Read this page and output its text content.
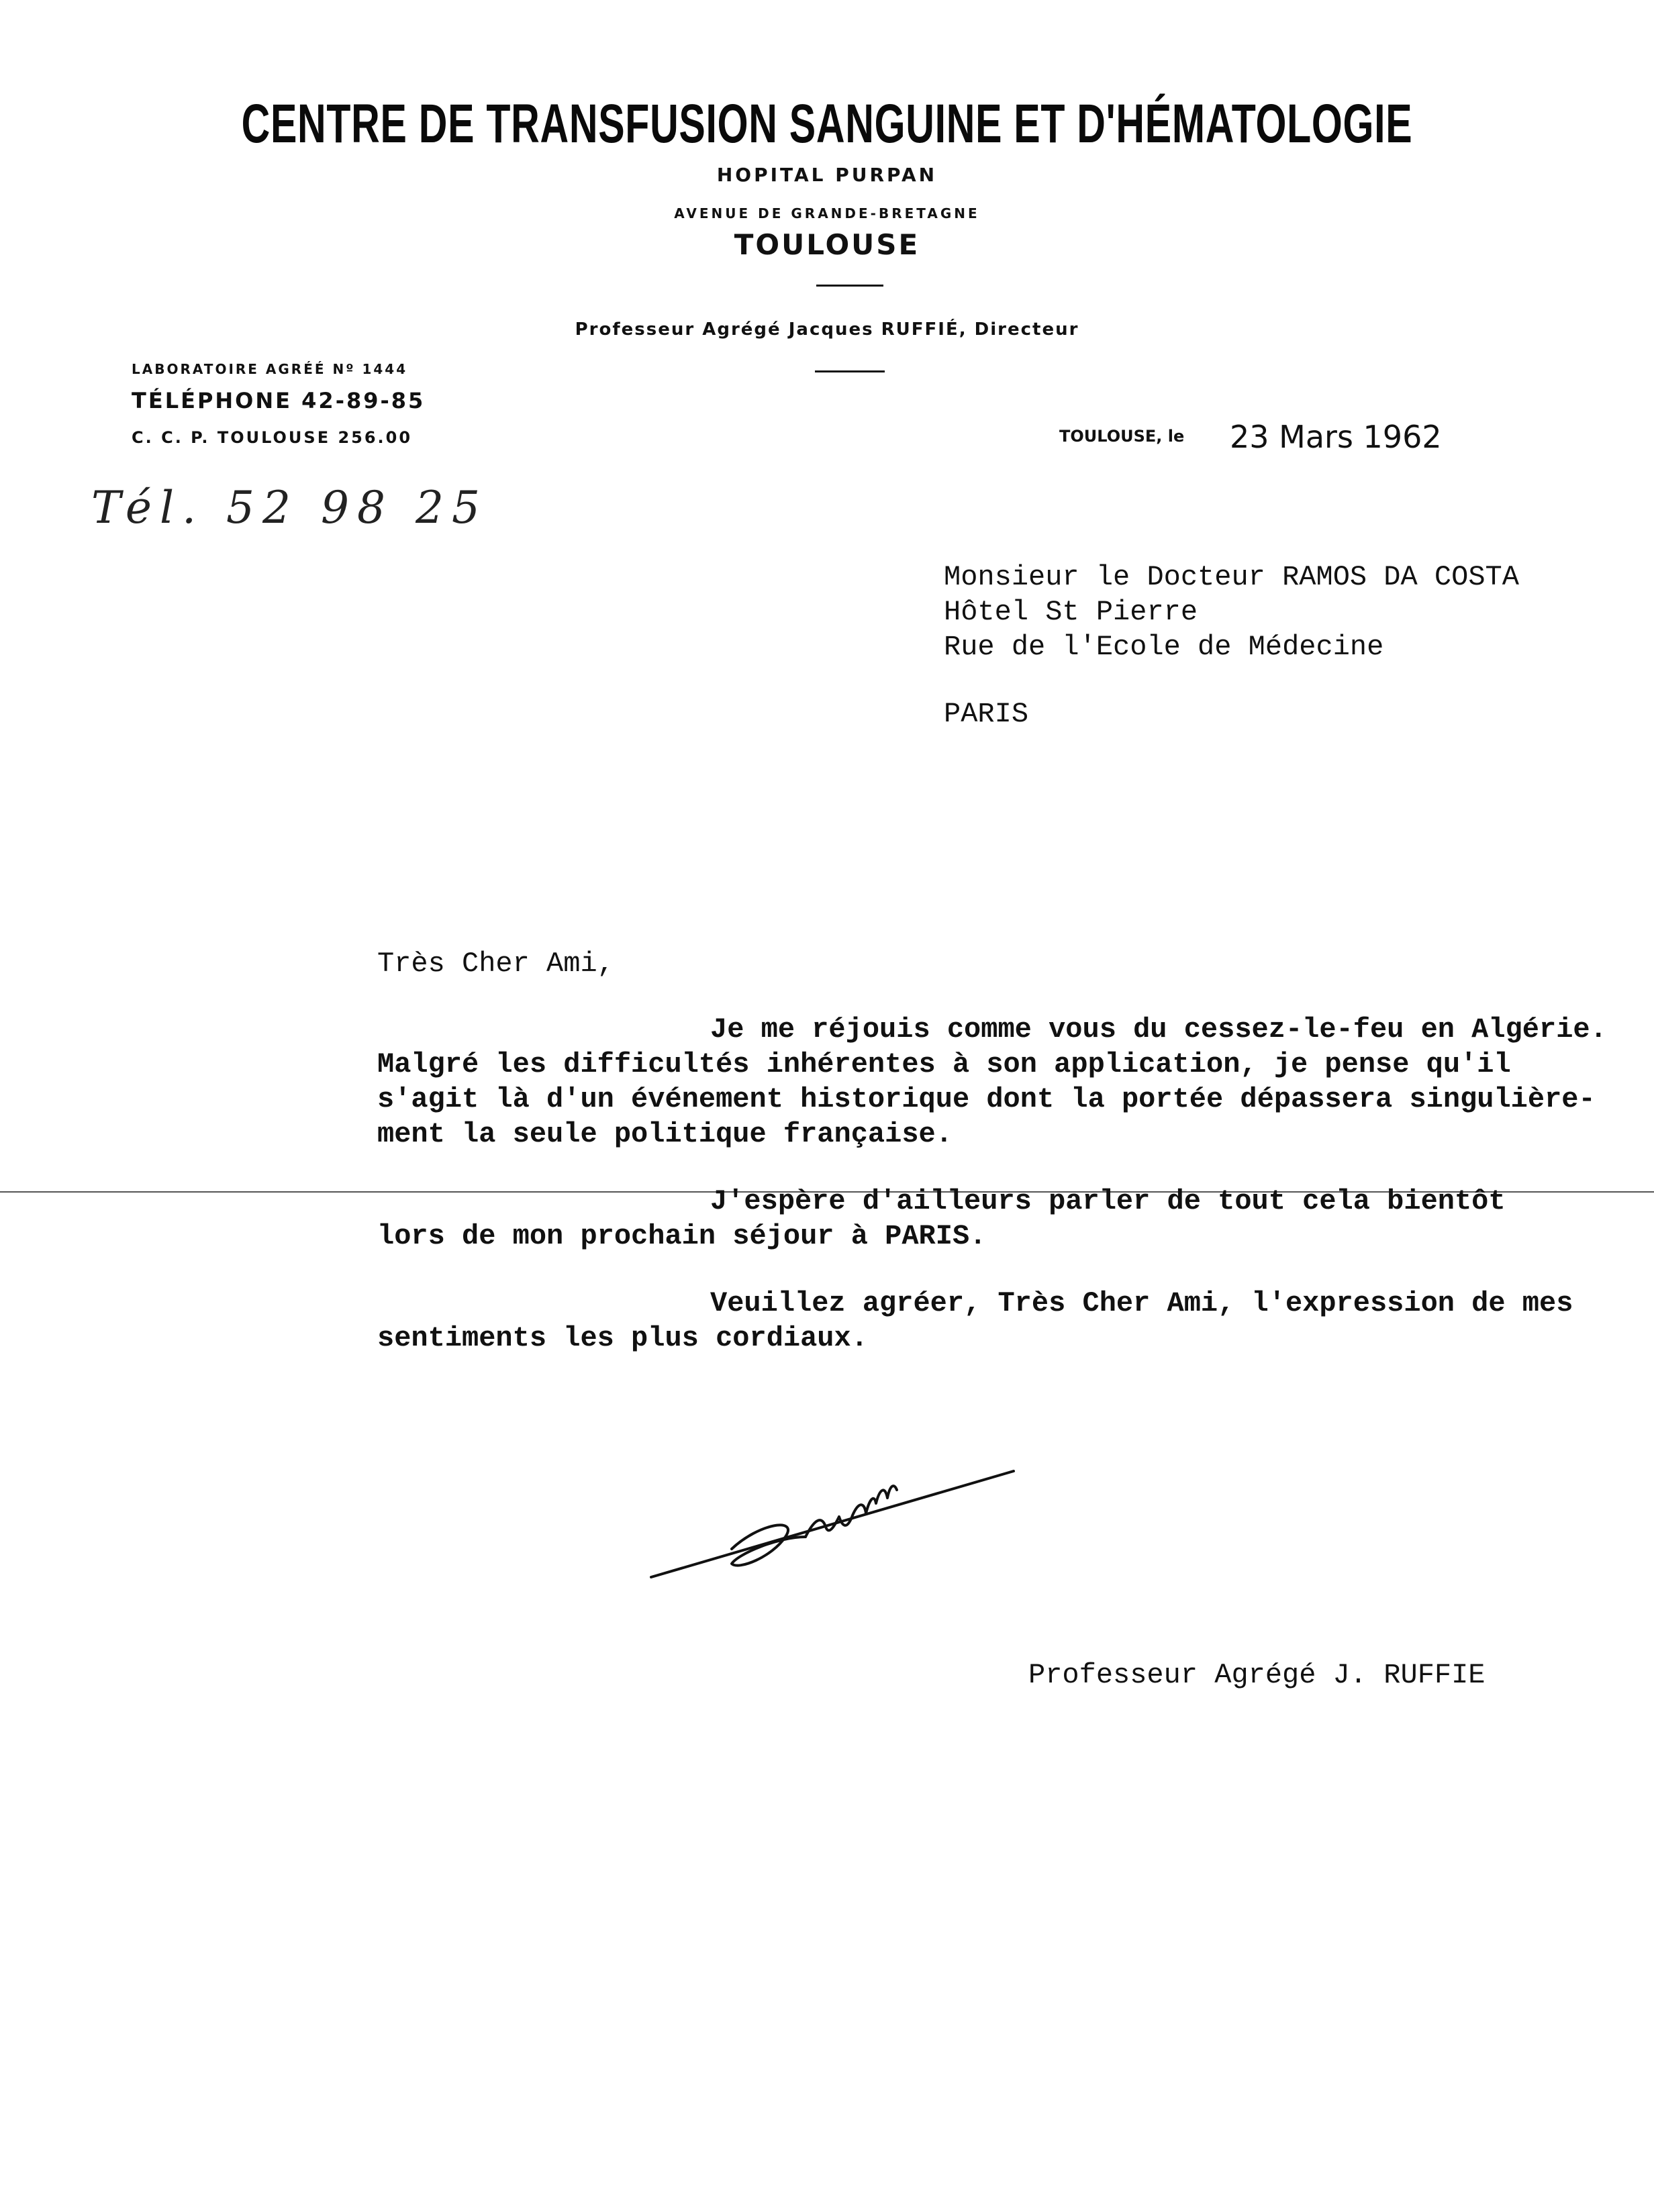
CENTRE DE TRANSFUSION SANGUINE ET D'HÉMATOLOGIE
HOPITAL PURPAN
AVENUE DE GRANDE-BRETAGNE
TOULOUSE
Professeur Agrégé Jacques RUFFIÉ, Directeur
LABORATOIRE AGRÉÉ Nº 1444
TÉLÉPHONE 42-89-85
C. C. P. TOULOUSE 256.00	TOULOUSE, le 23 Mars 1962
Tél. 52 98 25
Monsieur le Docteur RAMOS DA COSTA
Hôtel St Pierre
Rue de l'Ecole de Médecine
PARIS
Très Cher Ami,
Je me réjouis comme vous du cessez-le-feu en Algérie.
Malgré les difficultés inhérentes à son application, je pense qu'il
s'agit là d'un événement historique dont la portée dépassera singulière-
ment la seule politique française.
J'espère d'ailleurs parler de tout cela bientôt
lors de mon prochain séjour à PARIS.
Veuillez agréer, Très Cher Ami, l'expression de mes
sentiments les plus cordiaux.
Professeur Agrégé J. RUFFIE
